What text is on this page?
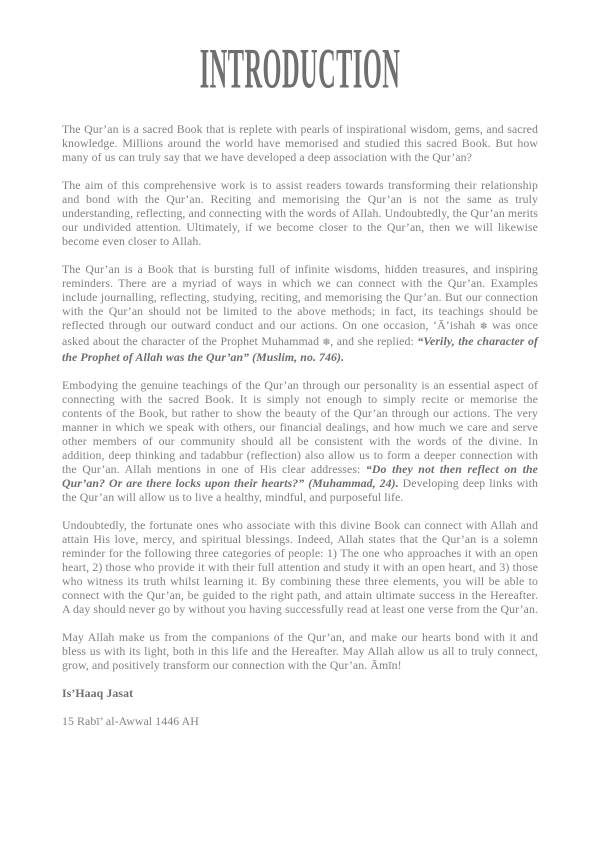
INTRODUCTION

The Qur’an is a sacred Book that is replete with pearls of inspirational wisdom, gems, and sacred knowledge. Millions around the world have memorised and studied this sacred Book. But how many of us can truly say that we have developed a deep association with the Qur’an?

The aim of this comprehensive work is to assist readers towards transforming their relationship and bond with the Qur’an. Reciting and memorising the Qur’an is not the same as truly understanding, reflecting, and connecting with the words of Allah. Undoubtedly, the Qur’an merits our undivided attention. Ultimately, if we become closer to the Qur’an, then we will likewise become even closer to Allah.

The Qur’an is a Book that is bursting full of infinite wisdoms, hidden treasures, and inspiring reminders. There are a myriad of ways in which we can connect with the Qur’an. Examples include journalling, reflecting, studying, reciting, and memorising the Qur’an. But our connection with the Qur’an should not be limited to the above methods; in fact, its teachings should be reflected through our outward conduct and our actions. On one occasion, ‘Ā’ishah ✽ was once asked about the character of the Prophet Muhammad ✽, and she replied: “Verily, the character of the Prophet of Allah was the Qur’an” (Muslim, no. 746).

Embodying the genuine teachings of the Qur’an through our personality is an essential aspect of connecting with the sacred Book. It is simply not enough to simply recite or memorise the contents of the Book, but rather to show the beauty of the Qur’an through our actions. The very manner in which we speak with others, our financial dealings, and how much we care and serve other members of our community should all be consistent with the words of the divine. In addition, deep thinking and tadabbur (reflection) also allow us to form a deeper connection with the Qur’an. Allah mentions in one of His clear addresses: “Do they not then reflect on the Qur’an? Or are there locks upon their hearts?” (Muhammad, 24). Developing deep links with the Qur’an will allow us to live a healthy, mindful, and purposeful life.

Undoubtedly, the fortunate ones who associate with this divine Book can connect with Allah and attain His love, mercy, and spiritual blessings. Indeed, Allah states that the Qur’an is a solemn reminder for the following three categories of people: 1) The one who approaches it with an open heart, 2) those who provide it with their full attention and study it with an open heart, and 3) those who witness its truth whilst learning it. By combining these three elements, you will be able to connect with the Qur’an, be guided to the right path, and attain ultimate success in the Hereafter. A day should never go by without you having successfully read at least one verse from the Qur’an.

May Allah make us from the companions of the Qur’an, and make our hearts bond with it and bless us with its light, both in this life and the Hereafter. May Allah allow us all to truly connect, grow, and positively transform our connection with the Qur’an. Āmīn!

Is’Haaq Jasat

15 Rabī’ al-Awwal 1446 AH
